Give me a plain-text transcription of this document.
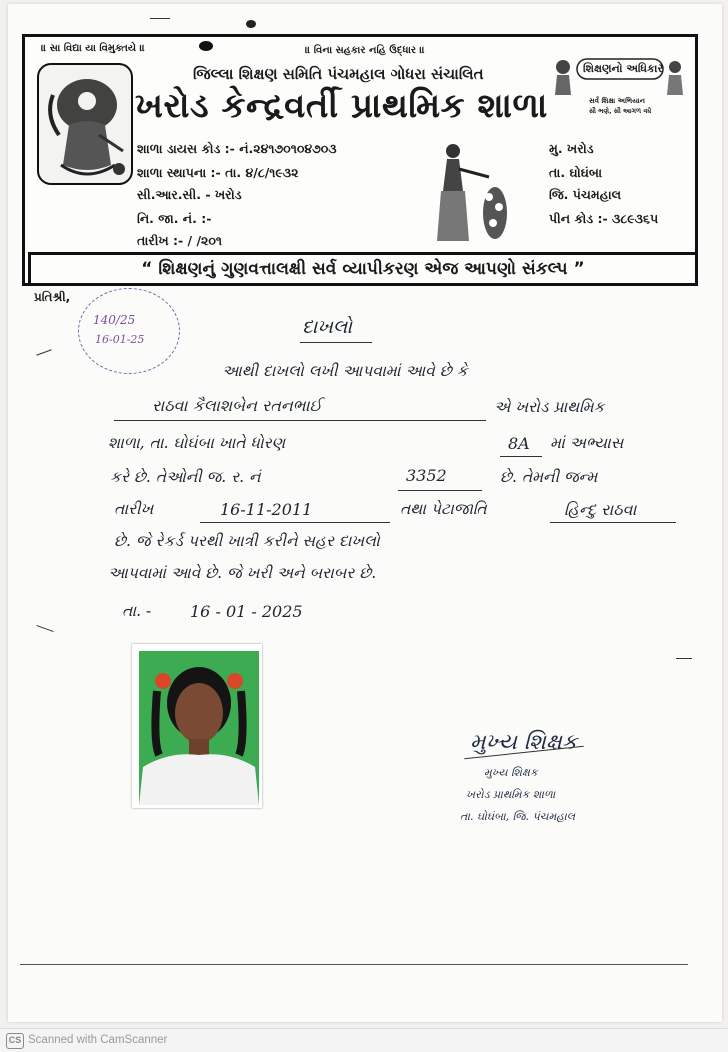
॥ સા વિદ્યા યા વિમુક્તયે ॥	॥ વિના સહકાર નહિ ઉદ્ધાર ॥
જિલ્લા શિક્ષણ સમિતિ પંચમહાલ ગોધરા સંચાલિત
ખરોડ કેન્દ્રવર્તી પ્રાથમિક શાળા
શિક્ષણનો અધિકાર
સર્વ શિક્ષા અભિયાન
સૌ ભણે, સૌ આગળ વધે
શાળા ડાયસ કોડ :- નં.૨૪૧૭૦૧૦૪૭૦૩
શાળા સ્થાપના :- તા. ૪/૮/૧૯૩૨
સી.આર.સી. - ખરોડ
નિ. જા. નં. :-
તારીખ :- / /૨૦૧
મુ. ખરોડ
તા. ઘોઘંબા
જિ. પંચમહાલ
પીન કોડ :- ૩૮૯૩૬૫
“ શિક્ષણનું ગુણવત્તાલક્ષી સર્વ વ્યાપીકરણ એજ આપણો સંકલ્પ ”
પ્રતિશ્રી,
140/25
16-01-25
દાખલો
આથી દાખલો લખી આપવામાં આવે છે કે
રાઠવા કૈલાશબેન રતનભાઈ	એ ખરોડ પ્રાથમિક
શાળા, તા. ઘોઘંબા ખાતે ધોરણ	8A માં અભ્યાસ
કરે છે. તેઓની જ. ર. નં	3352	છે. તેમની જન્મ
તારીખ	16-11-2011	તથા પેટાજાતિ	હિન્દુ રાઠવા
છે. જે રેકર્ડ પરથી ખાત્રી કરીને સહર દાખલો
આપવામાં આવે છે. જે ખરી અને બરાબર છે.
તા. - 16 - 01 - 2025
મુખ્ય શિક્ષક
મુખ્ય શિક્ષક
ખરોડ પ્રાથમિક શાળા
તા. ઘોઘંબા, જિ. પંચમહાલ
CS Scanned with CamScanner
